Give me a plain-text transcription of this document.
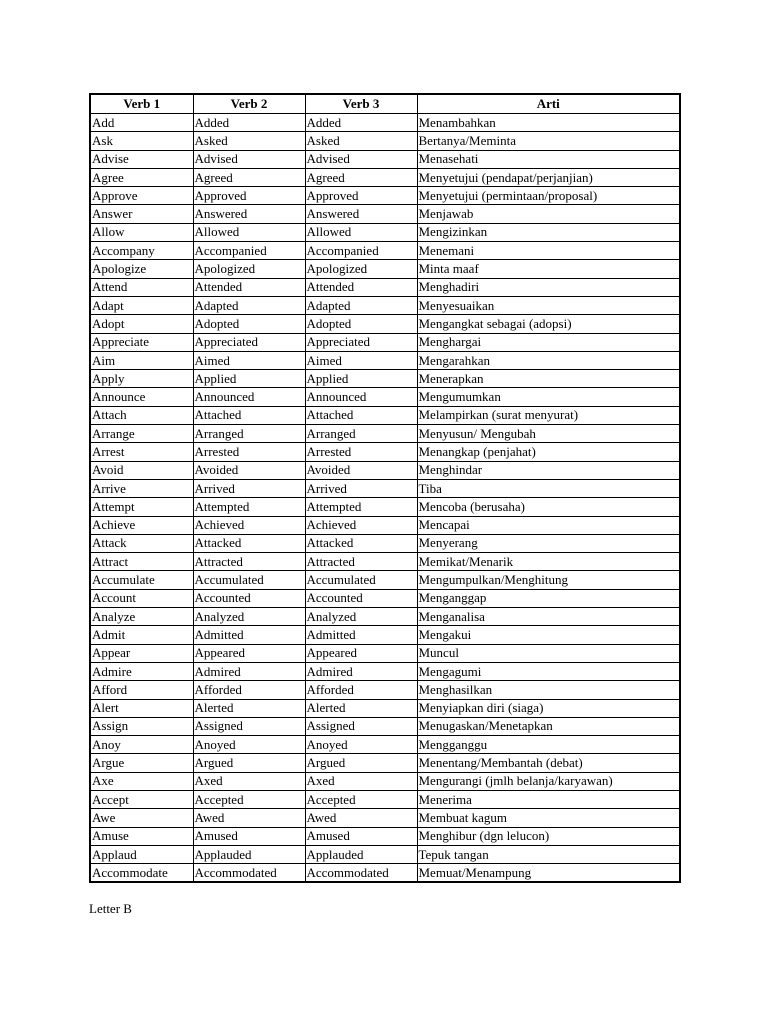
Verb 1	Verb 2	Verb 3	Arti
Add	Added	Added	Menambahkan
Ask	Asked	Asked	Bertanya/Meminta
Advise	Advised	Advised	Menasehati
Agree	Agreed	Agreed	Menyetujui (pendapat/perjanjian)
Approve	Approved	Approved	Menyetujui (permintaan/proposal)
Answer	Answered	Answered	Menjawab
Allow	Allowed	Allowed	Mengizinkan
Accompany	Accompanied	Accompanied	Menemani
Apologize	Apologized	Apologized	Minta maaf
Attend	Attended	Attended	Menghadiri
Adapt	Adapted	Adapted	Menyesuaikan
Adopt	Adopted	Adopted	Mengangkat sebagai (adopsi)
Appreciate	Appreciated	Appreciated	Menghargai
Aim	Aimed	Aimed	Mengarahkan
Apply	Applied	Applied	Menerapkan
Announce	Announced	Announced	Mengumumkan
Attach	Attached	Attached	Melampirkan (surat menyurat)
Arrange	Arranged	Arranged	Menyusun/ Mengubah
Arrest	Arrested	Arrested	Menangkap (penjahat)
Avoid	Avoided	Avoided	Menghindar
Arrive	Arrived	Arrived	Tiba
Attempt	Attempted	Attempted	Mencoba (berusaha)
Achieve	Achieved	Achieved	Mencapai
Attack	Attacked	Attacked	Menyerang
Attract	Attracted	Attracted	Memikat/Menarik
Accumulate	Accumulated	Accumulated	Mengumpulkan/Menghitung
Account	Accounted	Accounted	Menganggap
Analyze	Analyzed	Analyzed	Menganalisa
Admit	Admitted	Admitted	Mengakui
Appear	Appeared	Appeared	Muncul
Admire	Admired	Admired	Mengagumi
Afford	Afforded	Afforded	Menghasilkan
Alert	Alerted	Alerted	Menyiapkan diri (siaga)
Assign	Assigned	Assigned	Menugaskan/Menetapkan
Anoy	Anoyed	Anoyed	Mengganggu
Argue	Argued	Argued	Menentang/Membantah (debat)
Axe	Axed	Axed	Mengurangi (jmlh belanja/karyawan)
Accept	Accepted	Accepted	Menerima
Awe	Awed	Awed	Membuat kagum
Amuse	Amused	Amused	Menghibur (dgn lelucon)
Applaud	Applauded	Applauded	Tepuk tangan
Accommodate	Accommodated	Accommodated	Memuat/Menampung
Letter B
